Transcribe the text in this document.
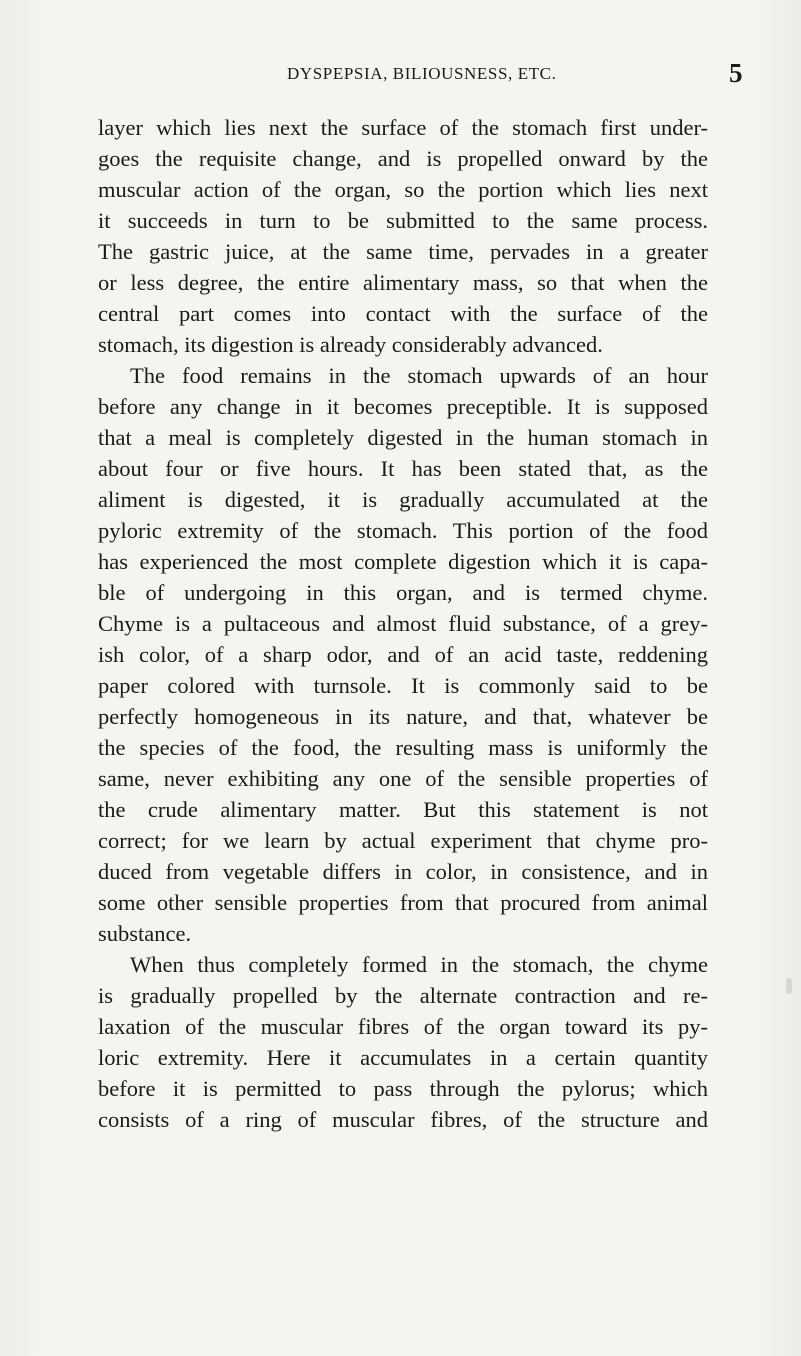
DYSPEPSIA, BILIOUSNESS, ETC.	5
layer which lies next the surface of the stomach first under-
goes the requisite change, and is propelled onward by the
muscular action of the organ, so the portion which lies next
it succeeds in turn to be submitted to the same process.
The gastric juice, at the same time, pervades in a greater
or less degree, the entire alimentary mass, so that when the
central part comes into contact with the surface of the
stomach, its digestion is already considerably advanced.
The food remains in the stomach upwards of an hour
before any change in it becomes preceptible. It is supposed
that a meal is completely digested in the human stomach in
about four or five hours. It has been stated that, as the
aliment is digested, it is gradually accumulated at the
pyloric extremity of the stomach. This portion of the food
has experienced the most complete digestion which it is capa-
ble of undergoing in this organ, and is termed chyme.
Chyme is a pultaceous and almost fluid substance, of a grey-
ish color, of a sharp odor, and of an acid taste, reddening
paper colored with turnsole. It is commonly said to be
perfectly homogeneous in its nature, and that, whatever be
the species of the food, the resulting mass is uniformly the
same, never exhibiting any one of the sensible properties of
the crude alimentary matter. But this statement is not
correct; for we learn by actual experiment that chyme pro-
duced from vegetable differs in color, in consistence, and in
some other sensible properties from that procured from animal
substance.
When thus completely formed in the stomach, the chyme
is gradually propelled by the alternate contraction and re-
laxation of the muscular fibres of the organ toward its py-
loric extremity. Here it accumulates in a certain quantity
before it is permitted to pass through the pylorus; which
consists of a ring of muscular fibres, of the structure and
